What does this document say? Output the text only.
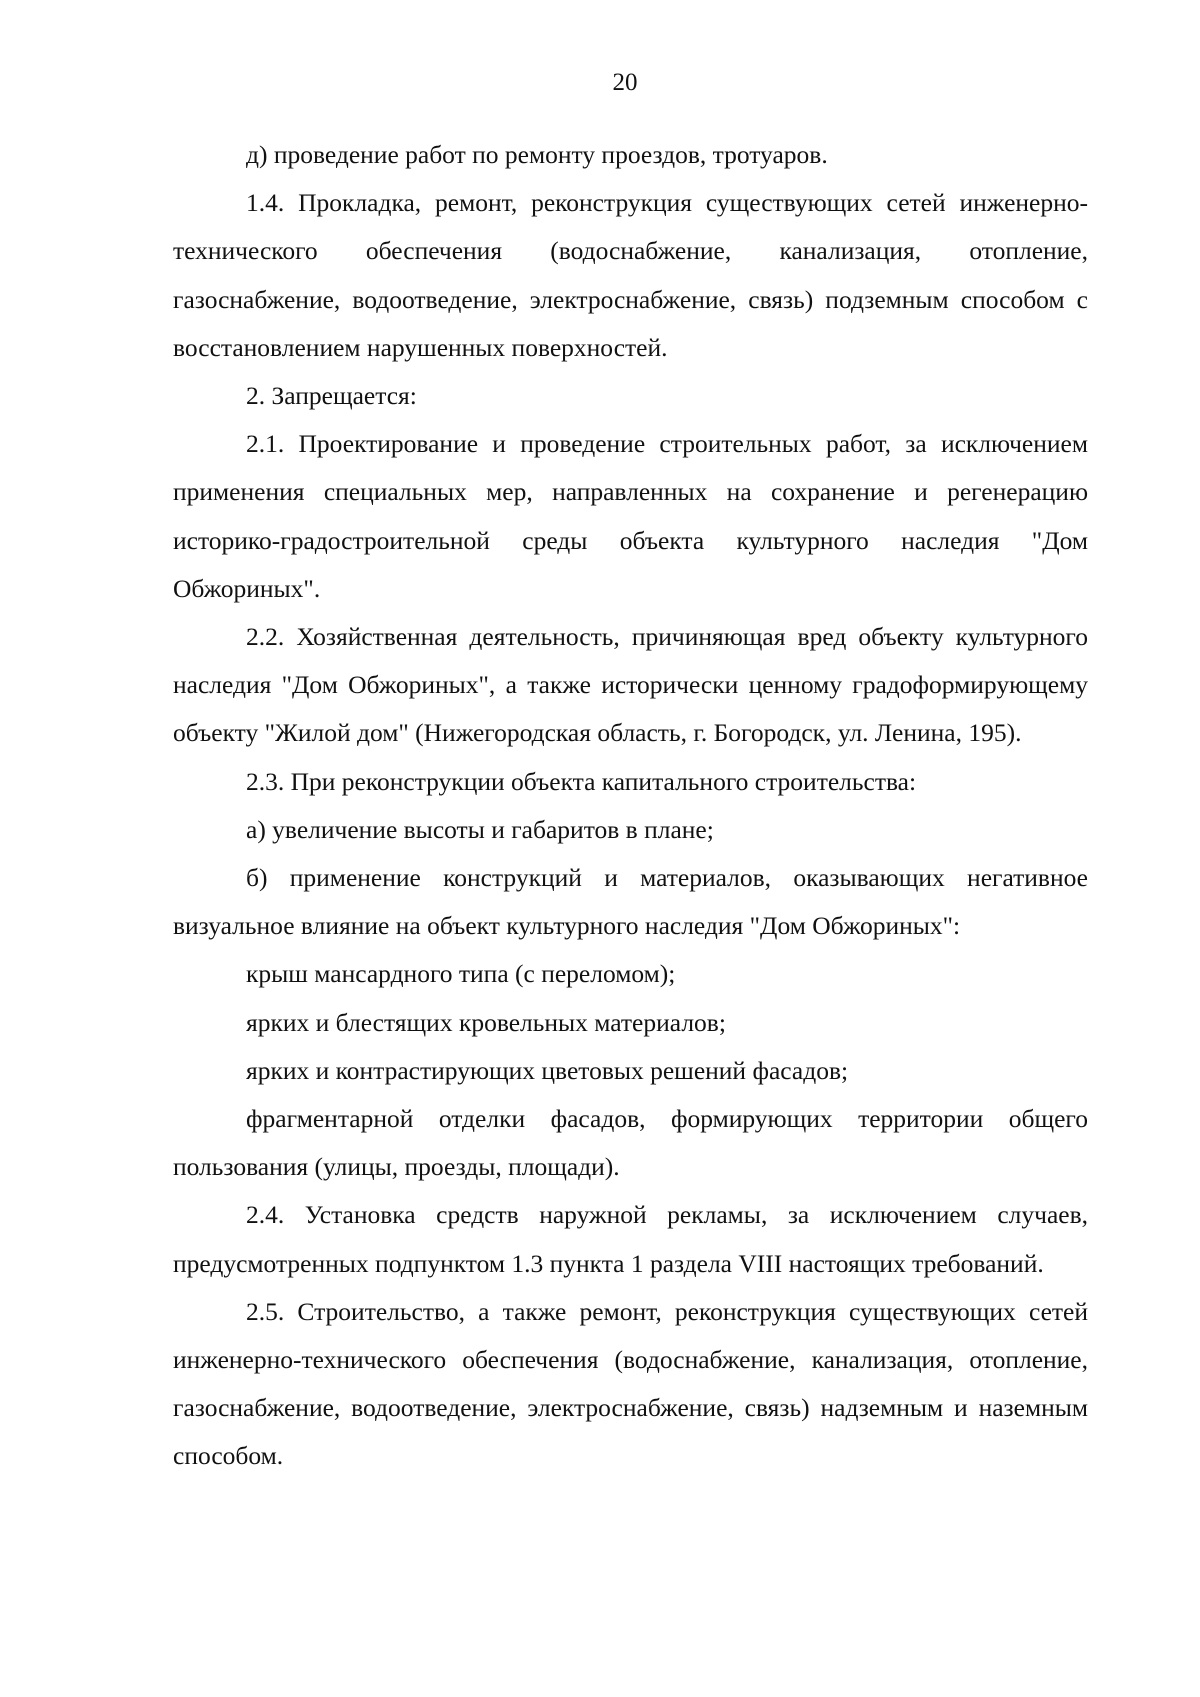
20

д) проведение работ по ремонту проездов, тротуаров.

1.4. Прокладка, ремонт, реконструкция существующих сетей инженерно-технического обеспечения (водоснабжение, канализация, отопление, газоснабжение, водоотведение, электроснабжение, связь) подземным способом с восстановлением нарушенных поверхностей.

2. Запрещается:

2.1. Проектирование и проведение строительных работ, за исключением применения специальных мер, направленных на сохранение и регенерацию историко-градостроительной среды объекта культурного наследия "Дом Обжориных".

2.2. Хозяйственная деятельность, причиняющая вред объекту культурного наследия "Дом Обжориных", а также исторически ценному градоформирующему объекту "Жилой дом" (Нижегородская область, г. Богородск, ул. Ленина, 195).

2.3. При реконструкции объекта капитального строительства:

а) увеличение высоты и габаритов в плане;

б) применение конструкций и материалов, оказывающих негативное визуальное влияние на объект культурного наследия "Дом Обжориных":

крыш мансардного типа (с переломом);

ярких и блестящих кровельных материалов;

ярких и контрастирующих цветовых решений фасадов;

фрагментарной отделки фасадов, формирующих территории общего пользования (улицы, проезды, площади).

2.4. Установка средств наружной рекламы, за исключением случаев, предусмотренных подпунктом 1.3 пункта 1 раздела VIII настоящих требований.

2.5. Строительство, а также ремонт, реконструкция существующих сетей инженерно-технического обеспечения (водоснабжение, канализация, отопление, газоснабжение, водоотведение, электроснабжение, связь) надземным и наземным способом.
